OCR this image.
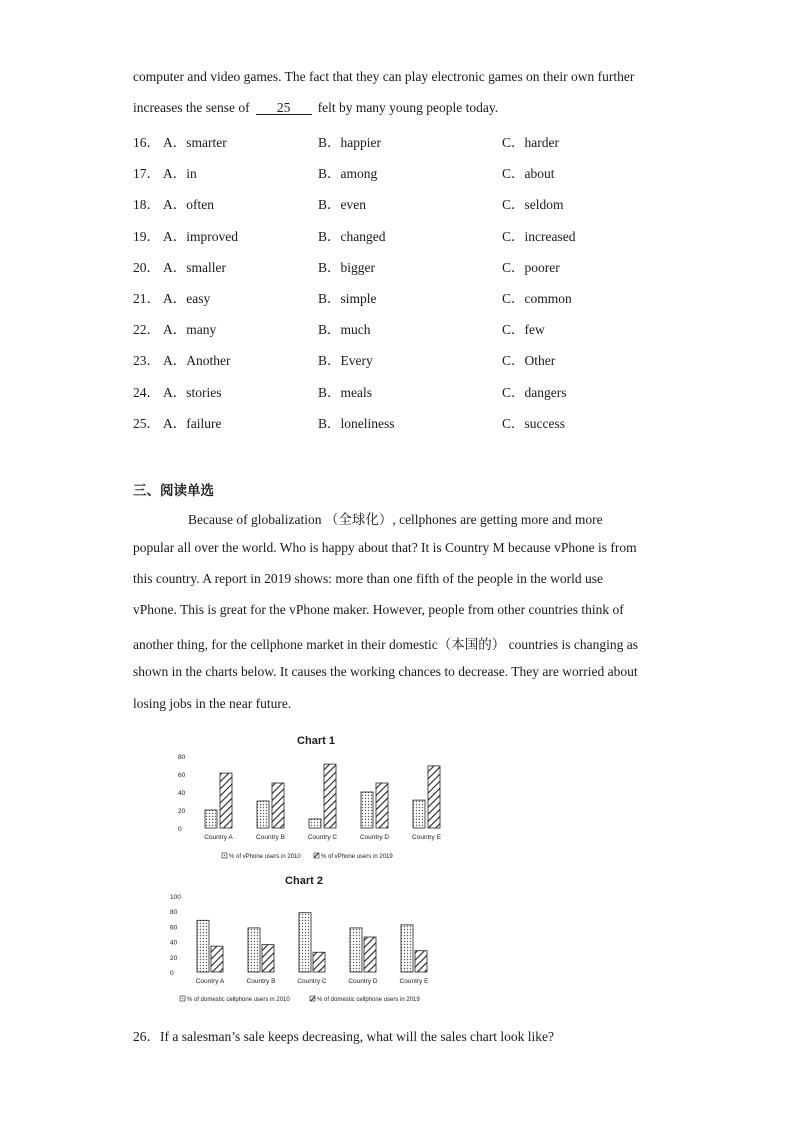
computer and video games. The fact that they can play electronic games on their own further
increases the sense of 25 felt by many young people today.
16． A．smarter	B．happier	C．harder
17． A．in	B．among	C．about
18． A．often	B．even	C．seldom
19． A．improved	B．changed	C．increased
20． A．smaller	B．bigger	C．poorer
21． A．easy	B．simple	C．common
22． A．many	B．much	C．few
23． A．Another	B．Every	C．Other
24． A．stories	B．meals	C．dangers
25． A．failure	B．loneliness	C．success
三、阅读单选
Because of globalization （全球化）, cellphones are getting more and more
popular all over the world. Who is happy about that? It is Country M because vPhone is from
this country. A report in 2019 shows: more than one fifth of the people in the world use
vPhone. This is great for the vPhone maker. However, people from other countries think of
another thing, for the cellphone market in their domestic（本国的） countries is changing as
shown in the charts below. It causes the working chances to decrease. They are worried about
losing jobs in the near future.
Chart 1
0
20
40
60
80
Country A	Country B	Country C	Country D	Country E
% of vPhone users in 2010	% of vPhone users in 2019
Chart 2
0
20
40
60
80
100
Country A	Country B	Country C	Country D	Country E
% of domestic cellphone users in 2010	% of domestic cellphone users in 2019
26．If a salesman’s sale keeps decreasing, what will the sales chart look like?
